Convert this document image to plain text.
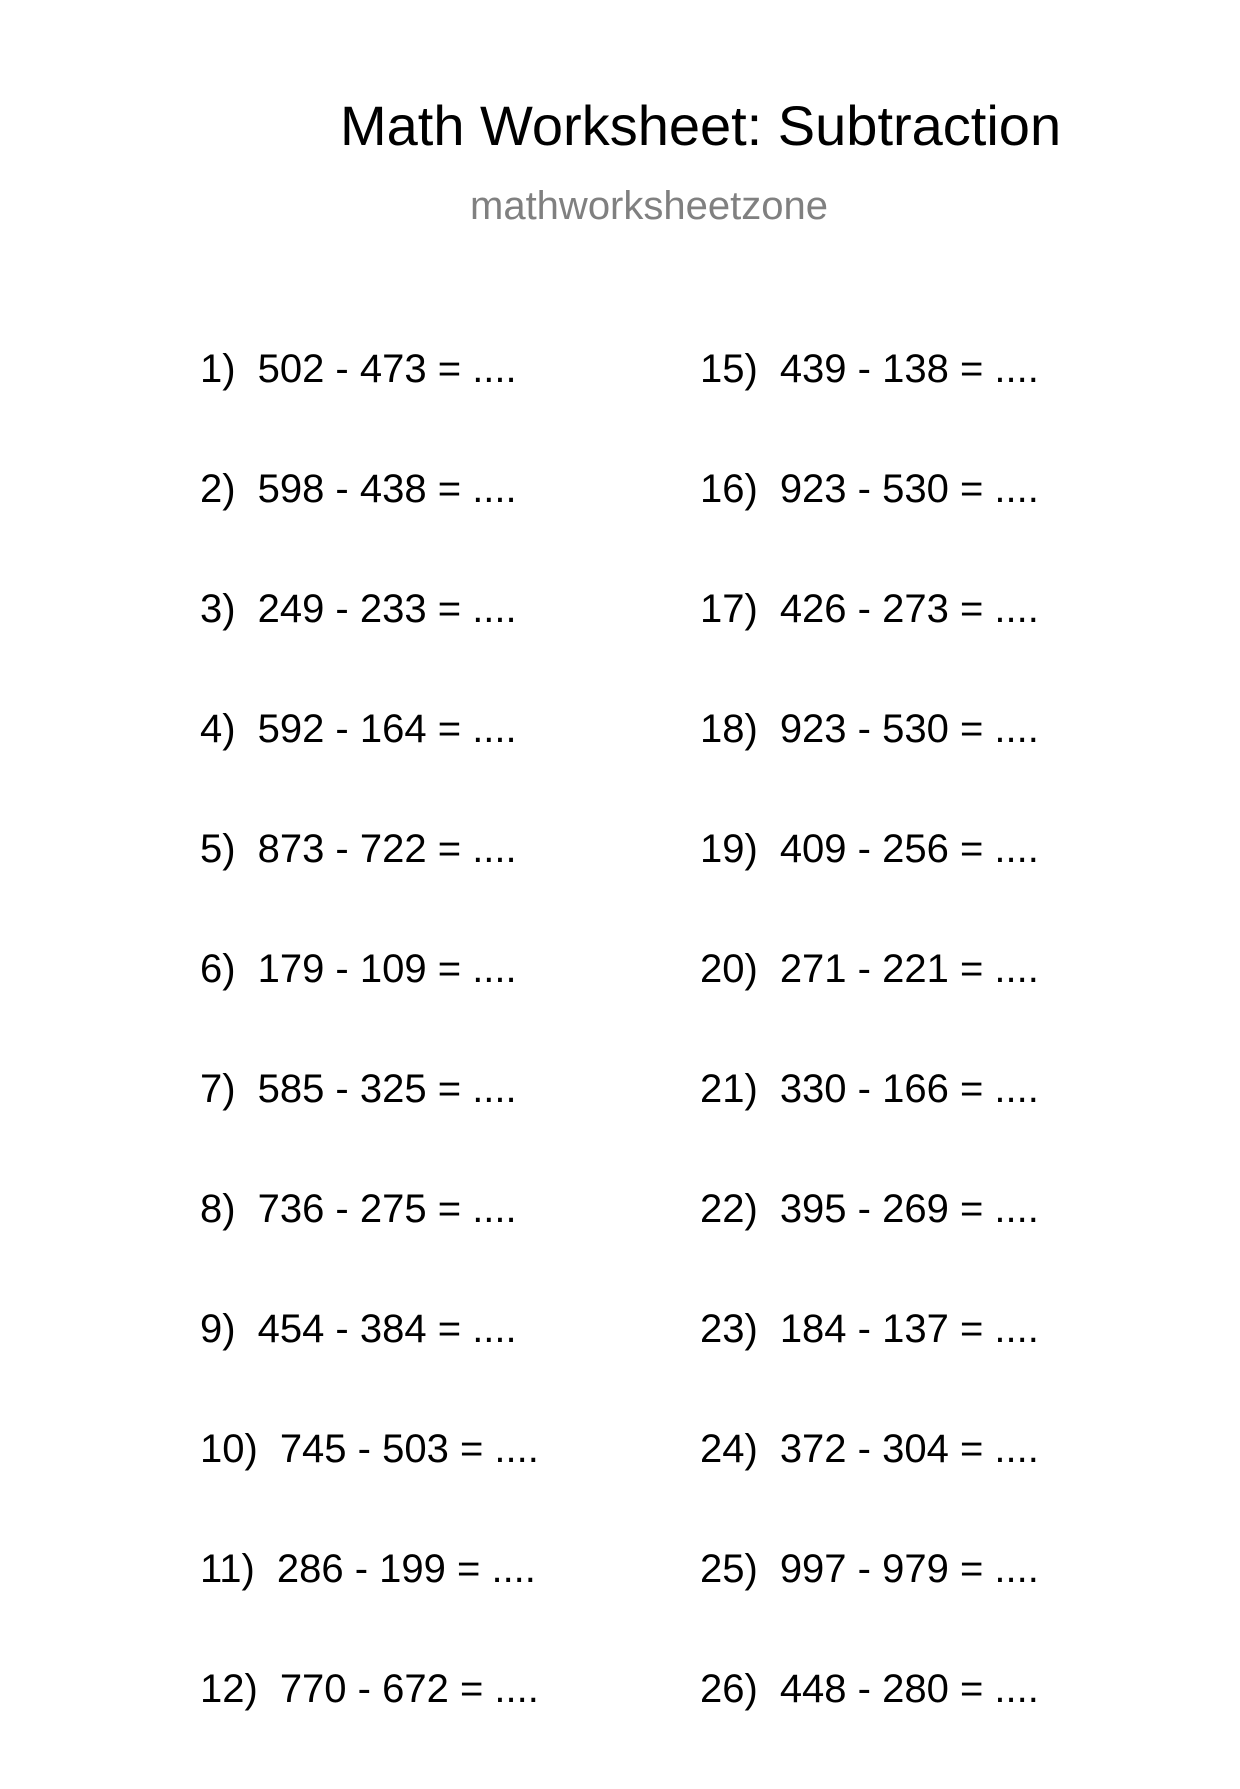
Math Worksheet: Subtraction
mathworksheetzone
1) 502 - 473 = ....
2) 598 - 438 = ....
3) 249 - 233 = ....
4) 592 - 164 = ....
5) 873 - 722 = ....
6) 179 - 109 = ....
7) 585 - 325 = ....
8) 736 - 275 = ....
9) 454 - 384 = ....
10) 745 - 503 = ....
11) 286 - 199 = ....
12) 770 - 672 = ....
15) 439 - 138 = ....
16) 923 - 530 = ....
17) 426 - 273 = ....
18) 923 - 530 = ....
19) 409 - 256 = ....
20) 271 - 221 = ....
21) 330 - 166 = ....
22) 395 - 269 = ....
23) 184 - 137 = ....
24) 372 - 304 = ....
25) 997 - 979 = ....
26) 448 - 280 = ....
